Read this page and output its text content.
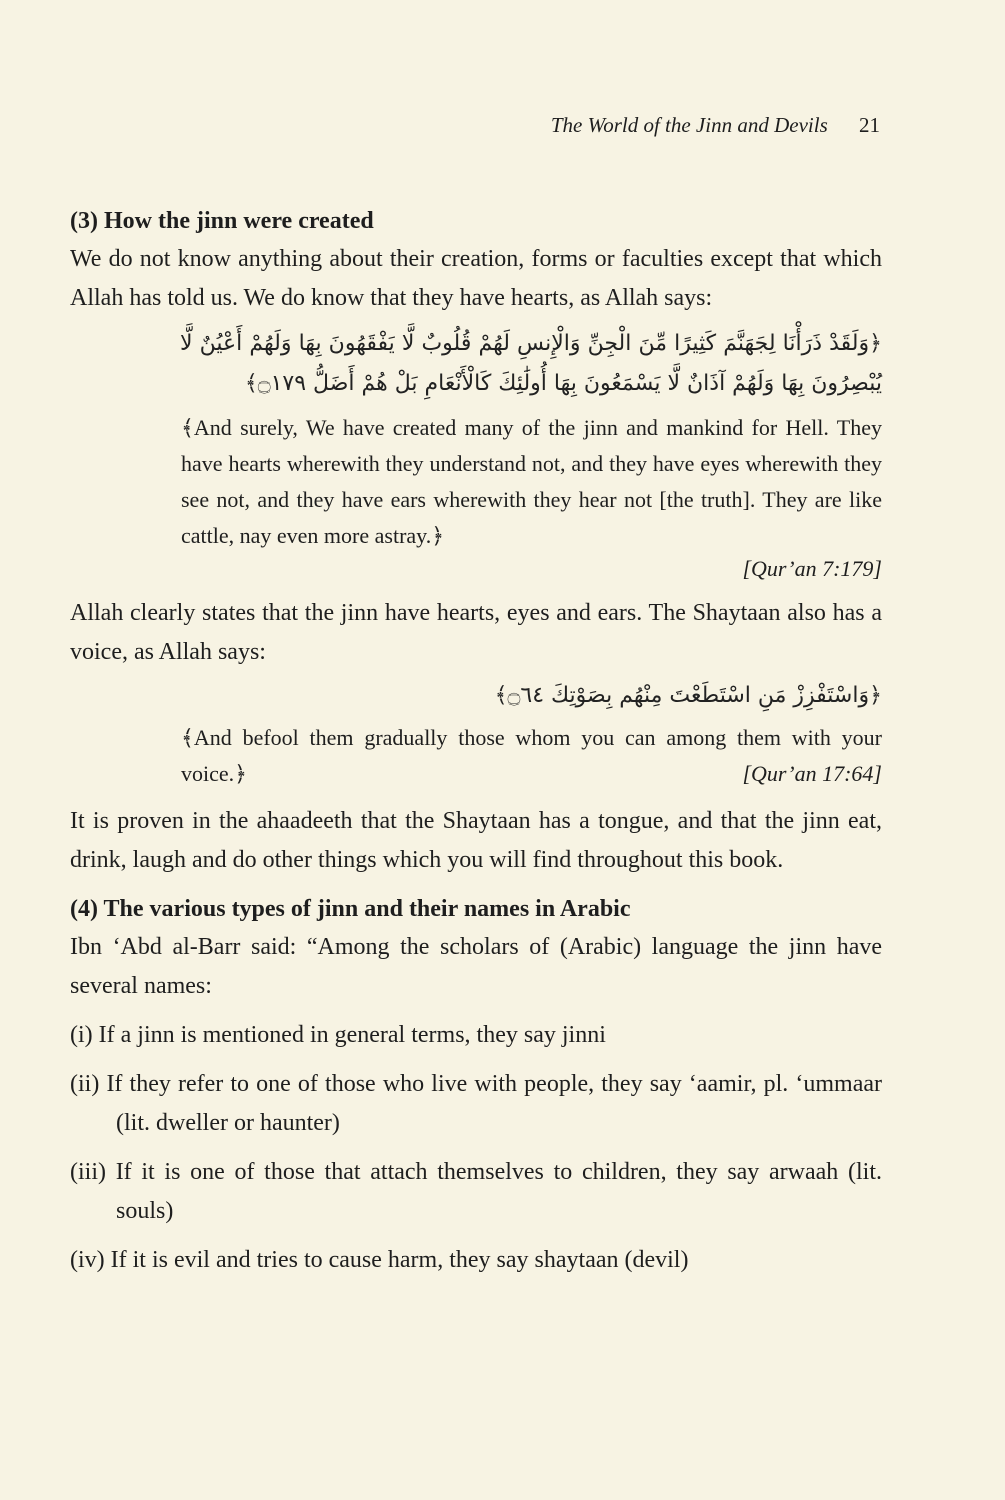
The World of the Jinn and Devils 21
(3) How the jinn were created

We do not know anything about their creation, forms or faculties except that which Allah has told us. We do know that they have hearts, as Allah says:

﴿وَلَقَدْ ذَرَأْنَا لِجَهَنَّمَ كَثِيرًا مِّنَ الْجِنِّ وَالْإِنسِ لَهُمْ قُلُوبٌ لَّا يَفْقَهُونَ بِهَا وَلَهُمْ أَعْيُنٌ لَّا يُبْصِرُونَ بِهَا وَلَهُمْ آذَانٌ لَّا يَسْمَعُونَ بِهَا أُولَٰئِكَ كَالْأَنْعَامِ بَلْ هُمْ أَضَلُّ ۝١٧٩﴾
﴾And surely, We have created many of the jinn and mankind for Hell. They have hearts wherewith they understand not, and they have eyes wherewith they see not, and they have ears wherewith they hear not [the truth]. They are like cattle, nay even more astray.﴿
[Qur’an 7:179]

Allah clearly states that the jinn have hearts, eyes and ears. The Shaytaan also has a voice, as Allah says:

﴿وَاسْتَفْزِزْ مَنِ اسْتَطَعْتَ مِنْهُم بِصَوْتِكَ ۝٦٤﴾
﴾And befool them gradually those whom you can among them with your voice.﴿	[Qur’an 17:64]

It is proven in the ahaadeeth that the Shaytaan has a tongue, and that the jinn eat, drink, laugh and do other things which you will find throughout this book.

(4) The various types of jinn and their names in Arabic

Ibn ‘Abd al-Barr said: “Among the scholars of (Arabic) language the jinn have several names:

(i) If a jinn is mentioned in general terms, they say jinni
(ii) If they refer to one of those who live with people, they say ‘aamir, pl. ‘ummaar (lit. dweller or haunter)
(iii) If it is one of those that attach themselves to children, they say arwaah (lit. souls)
(iv) If it is evil and tries to cause harm, they say shaytaan (devil)
